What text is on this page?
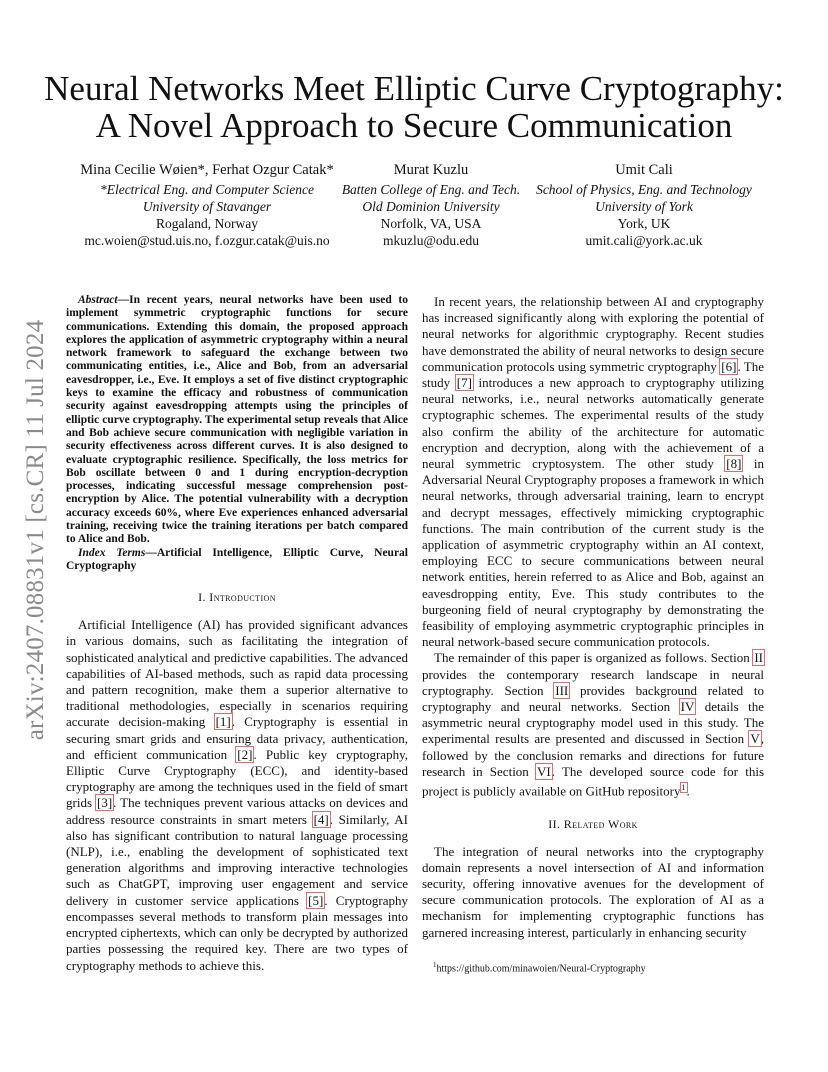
arXiv:2407.08831v1 [cs.CR] 11 Jul 2024
Neural Networks Meet Elliptic Curve Cryptography:
A Novel Approach to Secure Communication
Mina Cecilie Wøien*, Ferhat Ozgur Catak*
*Electrical Eng. and Computer Science
University of Stavanger
Rogaland, Norway
mc.woien@stud.uis.no, f.ozgur.catak@uis.no
Murat Kuzlu
Batten College of Eng. and Tech.
Old Dominion University
Norfolk, VA, USA
mkuzlu@odu.edu
Umit Cali
School of Physics, Eng. and Technology
University of York
York, UK
umit.cali@york.ac.uk

Abstract—In recent years, neural networks have been used to implement symmetric cryptographic functions for secure communications. Extending this domain, the proposed approach explores the application of asymmetric cryptography within a neural network framework to safeguard the exchange between two communicating entities, i.e., Alice and Bob, from an adversarial eavesdropper, i.e., Eve. It employs a set of five distinct cryptographic keys to examine the efficacy and robustness of communication security against eavesdropping attempts using the principles of elliptic curve cryptography. The experimental setup reveals that Alice and Bob achieve secure communication with negligible variation in security effectiveness across different curves. It is also designed to evaluate cryptographic resilience. Specifically, the loss metrics for Bob oscillate between 0 and 1 during encryption-decryption processes, indicating successful message comprehension post-encryption by Alice. The potential vulnerability with a decryption accuracy exceeds 60%, where Eve experiences enhanced adversarial training, receiving twice the training iterations per batch compared to Alice and Bob.

Index Terms—Artificial Intelligence, Elliptic Curve, Neural Cryptography

I. Introduction

Artificial Intelligence (AI) has provided significant advances in various domains, such as facilitating the integration of sophisticated analytical and predictive capabilities. The advanced capabilities of AI-based methods, such as rapid data processing and pattern recognition, make them a superior alternative to traditional methodologies, especially in scenarios requiring accurate decision-making [1]. Cryptography is essential in securing smart grids and ensuring data privacy, authentication, and efficient communication [2]. Public key cryptography, Elliptic Curve Cryptography (ECC), and identity-based cryptography are among the techniques used in the field of smart grids [3]. The techniques prevent various attacks on devices and address resource constraints in smart meters [4]. Similarly, AI also has significant contribution to natural language processing (NLP), i.e., enabling the development of sophisticated text generation algorithms and improving interactive technologies such as ChatGPT, improving user engagement and service delivery in customer service applications [5]. Cryptography encompasses several methods to transform plain messages into encrypted ciphertexts, which can only be decrypted by authorized parties possessing the required key. There are two types of cryptography methods to achieve this.

In recent years, the relationship between AI and cryptography has increased significantly along with exploring the potential of neural networks for algorithmic cryptography. Recent studies have demonstrated the ability of neural networks to design secure communication protocols using symmetric cryptography [6]. The study [7] introduces a new approach to cryptography utilizing neural networks, i.e., neural networks automatically generate cryptographic schemes. The experimental results of the study also confirm the ability of the architecture for automatic encryption and decryption, along with the achievement of a neural symmetric cryptosystem. The other study [8] in Adversarial Neural Cryptography proposes a framework in which neural networks, through adversarial training, learn to encrypt and decrypt messages, effectively mimicking cryptographic functions. The main contribution of the current study is the application of asymmetric cryptography within an AI context, employing ECC to secure communications between neural network entities, herein referred to as Alice and Bob, against an eavesdropping entity, Eve. This study contributes to the burgeoning field of neural cryptography by demonstrating the feasibility of employing asymmetric cryptographic principles in neural network-based secure communication protocols.

The remainder of this paper is organized as follows. Section II provides the contemporary research landscape in neural cryptography. Section III provides background related to cryptography and neural networks. Section IV details the asymmetric neural cryptography model used in this study. The experimental results are presented and discussed in Section V, followed by the conclusion remarks and directions for future research in Section VI. The developed source code for this project is publicly available on GitHub repository$^1$.

II. Related Work

The integration of neural networks into the cryptography domain represents a novel intersection of AI and information security, offering innovative avenues for the development of secure communication protocols. The exploration of AI as a mechanism for implementing cryptographic functions has garnered increasing interest, particularly in enhancing security

$^1$https://github.com/minawoien/Neural-Cryptography
